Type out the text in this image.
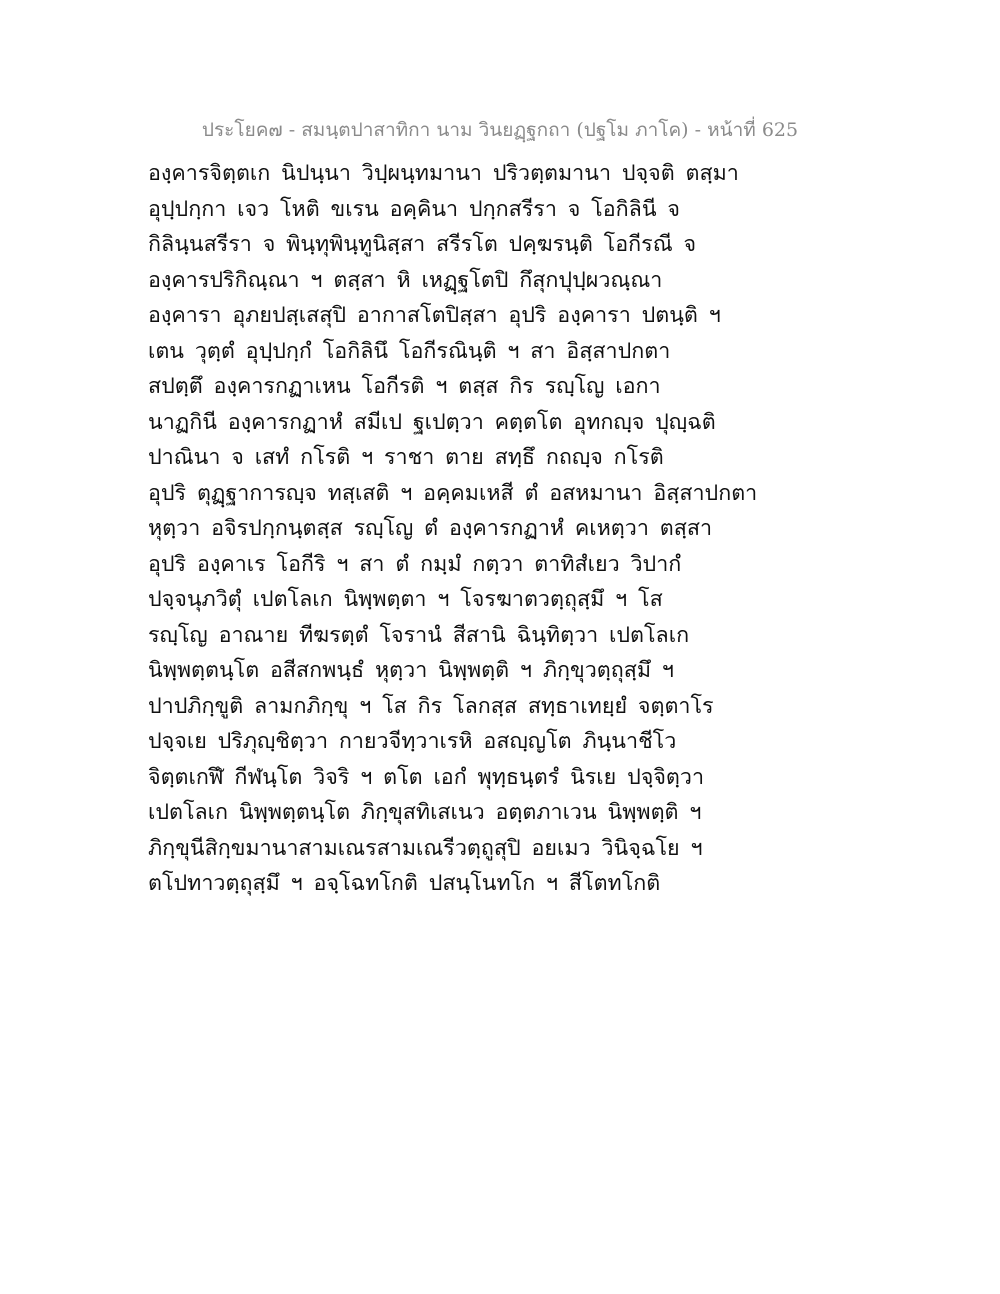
ประโยค๗ - สมนฺตปาสาทิกา นาม วินยฏฺฐกถา (ปฐโม ภาโค) - หน้าที่ 625
องฺคารจิตฺตเก นิปนฺนา วิปฺผนฺทมานา ปริวตฺตมานา ปจฺจติ ตสฺมา
อุปฺปกฺกา เจว โหติ ขเรน อคฺคินา ปกฺกสรีรา จ โอกิลินี จ
กิลินฺนสรีรา จ พินฺทุพินฺทูนิสฺสา สรีรโต ปคฺฆรนฺติ โอกีรณี จ
องฺคารปริกิณฺณา ฯ ตสฺสา หิ เหฏฺฐโตปิ กึสุกปุปฺผวณฺณา
องฺคารา อุภยปสฺเสสุปิ อากาสโตปิสฺสา อุปริ องฺคารา ปตนฺติ ฯ
เตน วุตฺตํ อุปฺปกฺกํ โอกิลินึ โอกีรณินฺติ ฯ สา อิสฺสาปกตา
สปตฺตึ องฺคารกฏาเหน โอกีรติ ฯ ตสฺส กิร รญฺโญ เอกา
นาฏกินี องฺคารกฏาหํ สมีเป ฐเปตฺวา คตฺตโต อุทกญฺจ ปุญฺฉติ
ปาณินา จ เสทํ กโรติ ฯ ราชา ตาย สทฺธึ กถญฺจ กโรติ
อุปริ ตุฏฺฐาการญฺจ ทสฺเสติ ฯ อคฺคมเหสี ตํ อสหมานา อิสฺสาปกตา
หุตฺวา อจิรปกฺกนฺตสฺส รญฺโญ ตํ องฺคารกฏาหํ คเหตฺวา ตสฺสา
อุปริ องฺคาเร โอกีริ ฯ สา ตํ กมฺมํ กตฺวา ตาทิสํเยว วิปากํ
ปจฺจนุภวิตุํ เปตโลเก นิพฺพตฺตา ฯ โจรฆาตวตฺถุสฺมึ ฯ โส
รญฺโญ อาณาย ทีฆรตฺตํ โจรานํ สีสานิ ฉินฺทิตฺวา เปตโลเก
นิพฺพตฺตนฺโต อสีสกพนฺธํ หุตฺวา นิพฺพตฺติ ฯ ภิกฺขุวตฺถุสฺมึ ฯ
ปาปภิกฺขูติ ลามกภิกฺขุ ฯ โส กิร โลกสฺส สทฺธาเทยฺยํ จตฺตาโร
ปจฺจเย ปริภุญฺชิตฺวา กายวจีทฺวาเรหิ อสญฺญโต ภินฺนาชีโว
จิตฺตเกฬึ กีฬนฺโต วิจริ ฯ ตโต เอกํ พุทฺธนฺตรํ นิรเย ปจฺจิตฺวา
เปตโลเก นิพฺพตฺตนฺโต ภิกฺขุสทิเสเนว อตฺตภาเวน นิพฺพตฺติ ฯ
ภิกฺขุนีสิกฺขมานาสามเณรสามเณรีวตฺถูสุปิ อยเมว วินิจฺฉโย ฯ
ตโปทาวตฺถุสฺมึ ฯ อจฺโฉทโกติ ปสนฺโนทโก ฯ สีโตทโกติ
